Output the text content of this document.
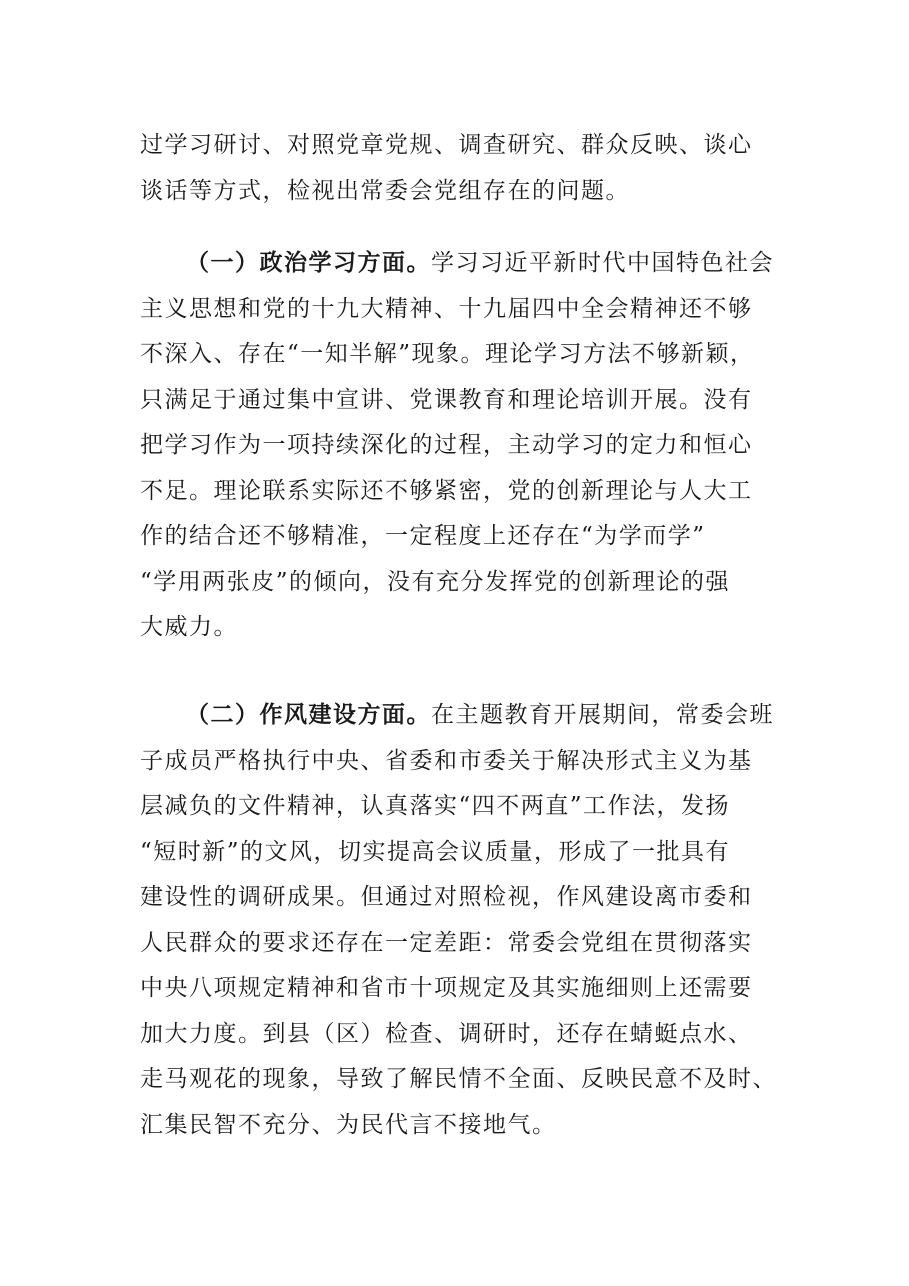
过学习研讨、对照党章党规、调查研究、群众反映、谈心
谈话等方式，检视出常委会党组存在的问题。
（一）政治学习方面。学习习近平新时代中国特色社会
主义思想和党的十九大精神、十九届四中全会精神还不够
不深入、存在“一知半解”现象。理论学习方法不够新颖，
只满足于通过集中宣讲、党课教育和理论培训开展。没有
把学习作为一项持续深化的过程，主动学习的定力和恒心
不足。理论联系实际还不够紧密，党的创新理论与人大工
作的结合还不够精准，一定程度上还存在“为学而学”
“学用两张皮”的倾向，没有充分发挥党的创新理论的强
大威力。
（二）作风建设方面。在主题教育开展期间，常委会班
子成员严格执行中央、省委和市委关于解决形式主义为基
层减负的文件精神，认真落实“四不两直”工作法，发扬
“短时新”的文风，切实提高会议质量，形成了一批具有
建设性的调研成果。但通过对照检视，作风建设离市委和
人民群众的要求还存在一定差距：常委会党组在贯彻落实
中央八项规定精神和省市十项规定及其实施细则上还需要
加大力度。到县（区）检查、调研时，还存在蜻蜓点水、
走马观花的现象，导致了解民情不全面、反映民意不及时、
汇集民智不充分、为民代言不接地气。
